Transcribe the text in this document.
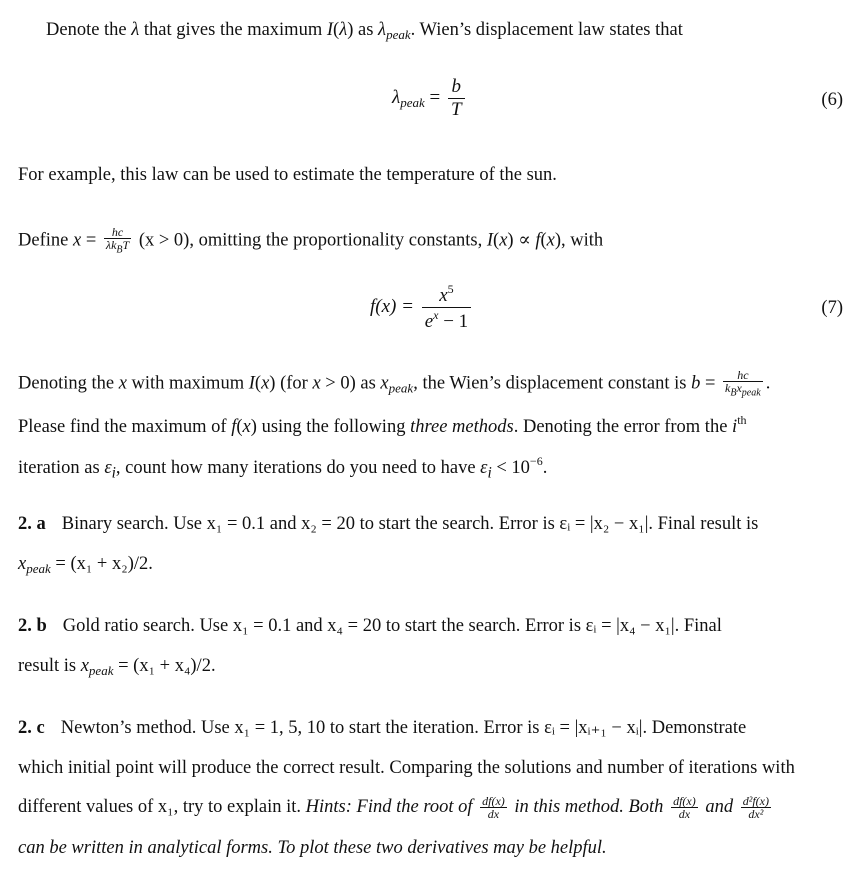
Denote the λ that gives the maximum I(λ) as $\lambda_{peak}$. Wien’s displacement law states that
$\lambda_{peak} = \frac{b}{T}$	(6)
For example, this law can be used to estimate the temperature of the sun.
Define $x = \frac{hc}{\lambda k_BT} (x > 0)$, omitting the proportionality constants, I(x) ∝ f(x), with
$f(x) = \frac{x^5}{e^x - 1}$	(7)
Denoting the x with maximum I(x) (for x > 0) as $x_{peak}$, the Wien’s displacement constant is $b = \frac{hc}{k_Bx_{peak}}$ .
Please find the maximum of f(x) using the following three methods. Denoting the error from the $i^{th}$
iteration as $\varepsilon_i$, count how many iterations do you need to have $\varepsilon_i < 10^{-6}$.
2. a Binary search. Use x₁ = 0.1 and x₂ = 20 to start the search. Error is εᵢ = |x₂ − x₁|. Final result is
$x_{peak} = (x_1 + x_2)/2$.
2. b Gold ratio search. Use x₁ = 0.1 and x₄ = 20 to start the search. Error is εᵢ = |x₄ − x₁|. Final
result is $x_{peak} = (x_1 + x_4)/2$.
2. c Newton’s method. Use x₁ = 1, 5, 10 to start the iteration. Error is εᵢ = |xᵢ₊₁ − xᵢ|. Demonstrate
which initial point will produce the correct result. Comparing the solutions and number of iterations with
different values of x₁, try to explain it. Hints: Find the root of $\frac{df(x)}{dx}$ in this method. Both $\frac{df(x)}{dx}$ and $\frac{\text{d²f(x)}}{\text{dx²}}$
can be written in analytical forms. To plot these two derivatives may be helpful.
